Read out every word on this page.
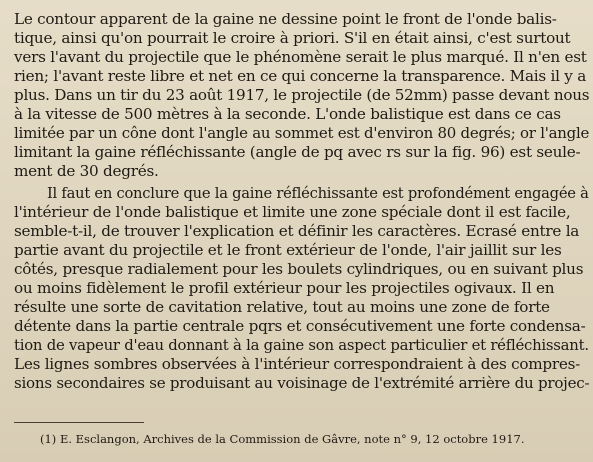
Le contour apparent de la gaine ne dessine point le front de l'onde balis-
tique, ainsi qu'on pourrait le croire à priori. S'il en était ainsi, c'est surtout
vers l'avant du projectile que le phénomène serait le plus marqué. Il n'en est
rien; l'avant reste libre et net en ce qui concerne la transparence. Mais il y a
plus. Dans un tir du 23 août 1917, le projectile (de 52mm) passe devant nous
à la vitesse de 500 mètres à la seconde. L'onde balistique est dans ce cas
limitée par un cône dont l'angle au sommet est d'environ 80 degrés; or l'angle
limitant la gaine réfléchissante (angle de pq avec rs sur la fig. 96) est seule-
ment de 30 degrés.
Il faut en conclure que la gaine réfléchissante est profondément engagée à
l'intérieur de l'onde balistique et limite une zone spéciale dont il est facile,
semble-t-il, de trouver l'explication et définir les caractères. Ecrasé entre la
partie avant du projectile et le front extérieur de l'onde, l'air jaillit sur les
côtés, presque radialement pour les boulets cylindriques, ou en suivant plus
ou moins fidèlement le profil extérieur pour les projectiles ogivaux. Il en
résulte une sorte de cavitation relative, tout au moins une zone de forte
détente dans la partie centrale pqrs et consécutivement une forte condensa-
tion de vapeur d'eau donnant à la gaine son aspect particulier et réfléchissant.
Les lignes sombres observées à l'intérieur correspondraient à des compres-
sions secondaires se produisant au voisinage de l'extrémité arrière du projec-
(1) E. Esclangon, Archives de la Commission de Gâvre, note n° 9, 12 octobre 1917.
